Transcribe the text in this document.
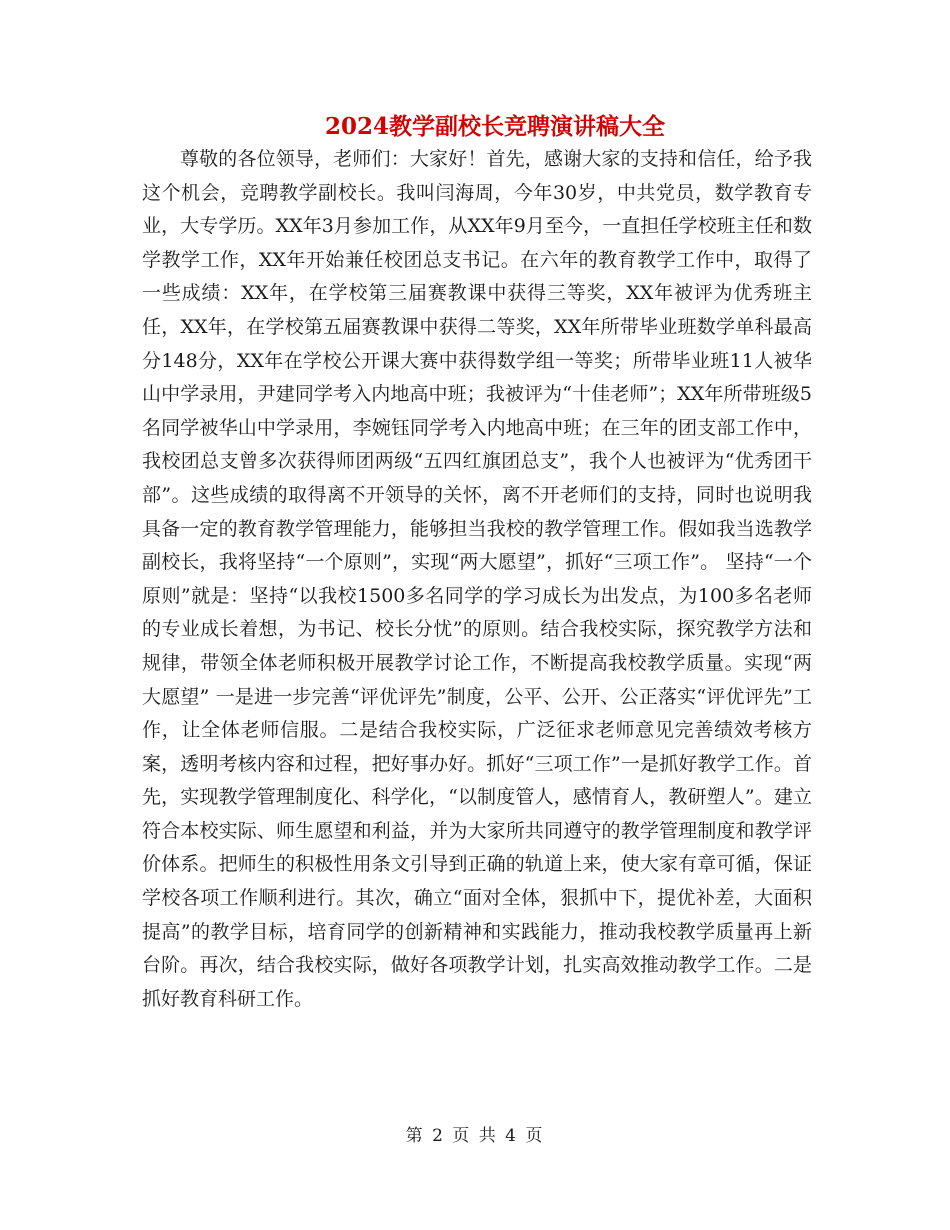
2024教学副校长竞聘演讲稿大全

尊敬的各位领导，老师们：大家好！首先，感谢大家的支持和信任，给予我这个机会，竞聘教学副校长。我叫闫海周，今年30岁，中共党员，数学教育专业，大专学历。XX年3月参加工作，从XX年9月至今，一直担任学校班主任和数学教学工作，XX年开始兼任校团总支书记。在六年的教育教学工作中，取得了一些成绩：XX年，在学校第三届赛教课中获得三等奖，XX年被评为优秀班主任，XX年，在学校第五届赛教课中获得二等奖，XX年所带毕业班数学单科最高分148分，XX年在学校公开课大赛中获得数学组一等奖；所带毕业班11人被华山中学录用，尹建同学考入内地高中班；我被评为“十佳老师”；XX年所带班级5名同学被华山中学录用，李婉钰同学考入内地高中班；在三年的团支部工作中，我校团总支曾多次获得师团两级“五四红旗团总支”，我个人也被评为“优秀团干部”。这些成绩的取得离不开领导的关怀，离不开老师们的支持，同时也说明我具备一定的教育教学管理能力，能够担当我校的教学管理工作。假如我当选教学副校长，我将坚持“一个原则”，实现“两大愿望”，抓好“三项工作”。 坚持“一个原则”就是：坚持“以我校1500多名同学的学习成长为出发点，为100多名老师的专业成长着想，为书记、校长分忧”的原则。结合我校实际，探究教学方法和规律，带领全体老师积极开展教学讨论工作，不断提高我校教学质量。实现“两大愿望” 一是进一步完善“评优评先”制度，公平、公开、公正落实“评优评先”工作，让全体老师信服。二是结合我校实际，广泛征求老师意见完善绩效考核方案，透明考核内容和过程，把好事办好。抓好“三项工作”一是抓好教学工作。首先，实现教学管理制度化、科学化，“以制度管人，感情育人，教研塑人”。建立符合本校实际、师生愿望和利益，并为大家所共同遵守的教学管理制度和教学评价体系。把师生的积极性用条文引导到正确的轨道上来，使大家有章可循，保证学校各项工作顺利进行。其次，确立“面对全体，狠抓中下，提优补差，大面积提高”的教学目标，培育同学的创新精神和实践能力，推动我校教学质量再上新台阶。再次，结合我校实际，做好各项教学计划，扎实高效推动教学工作。二是抓好教育科研工作。

第 2 页 共 4 页
